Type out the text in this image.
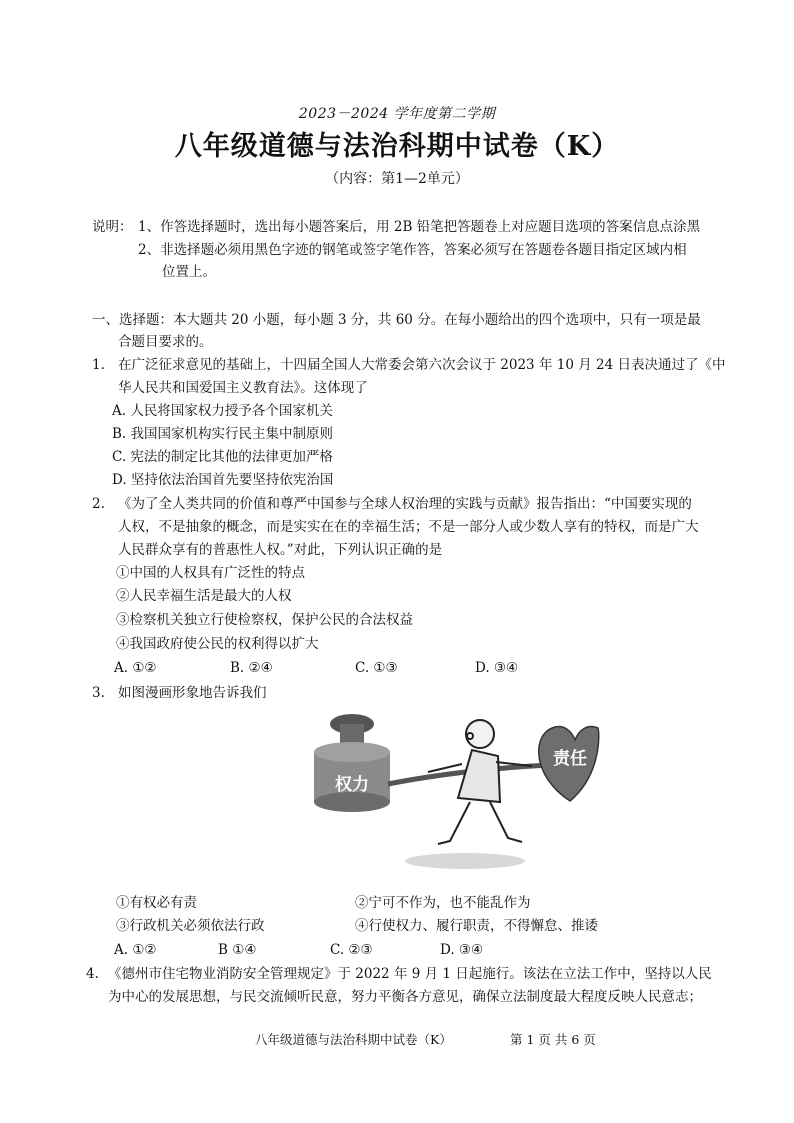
2023－2024 学年度第二学期
八年级道德与法治科期中试卷（K）
（内容：第1—2单元）
说明： 1、作答选择题时，选出每小题答案后，用 2B 铅笔把答题卷上对应题目选项的答案信息点涂黑
2、非选择题必须用黑色字迹的钢笔或签字笔作答，答案必须写在答题卷各题目指定区域内相
位置上。
一、选择题：本大题共 20 小题，每小题 3 分，共 60 分。在每小题给出的四个选项中，只有一项是最
合题目要求的。
1. 在广泛征求意见的基础上，十四届全国人大常委会第六次会议于 2023 年 10 月 24 日表决通过了《中
华人民共和国爱国主义教育法》。这体现了
A. 人民将国家权力授予各个国家机关
B. 我国国家机构实行民主集中制原则
C. 宪法的制定比其他的法律更加严格
D. 坚持依法治国首先要坚持依宪治国
2. 《为了全人类共同的价值和尊严中国参与全球人权治理的实践与贡献》报告指出：“中国要实现的
人权，不是抽象的概念，而是实实在在的幸福生活；不是一部分人或少数人享有的特权，而是广大
人民群众享有的普惠性人权。”对此，下列认识正确的是
①中国的人权具有广泛性的特点
②人民幸福生活是最大的人权
③检察机关独立行使检察权，保护公民的合法权益
④我国政府使公民的权利得以扩大
A. ①②	B. ②④	C. ①③	D. ③④
3. 如图漫画形象地告诉我们
权力
责任
①有权必有责	②宁可不作为，也不能乱作为
③行政机关必须依法行政	④行使权力、履行职责，不得懈怠、推诿
A. ①②	B ①④	C. ②③	D. ③④
4. 《德州市住宅物业消防安全管理规定》于 2022 年 9 月 1 日起施行。该法在立法工作中，坚持以人民
为中心的发展思想，与民交流倾听民意，努力平衡各方意见，确保立法制度最大程度反映人民意志；
八年级道德与法治科期中试卷（K）	第 1 页 共 6 页
